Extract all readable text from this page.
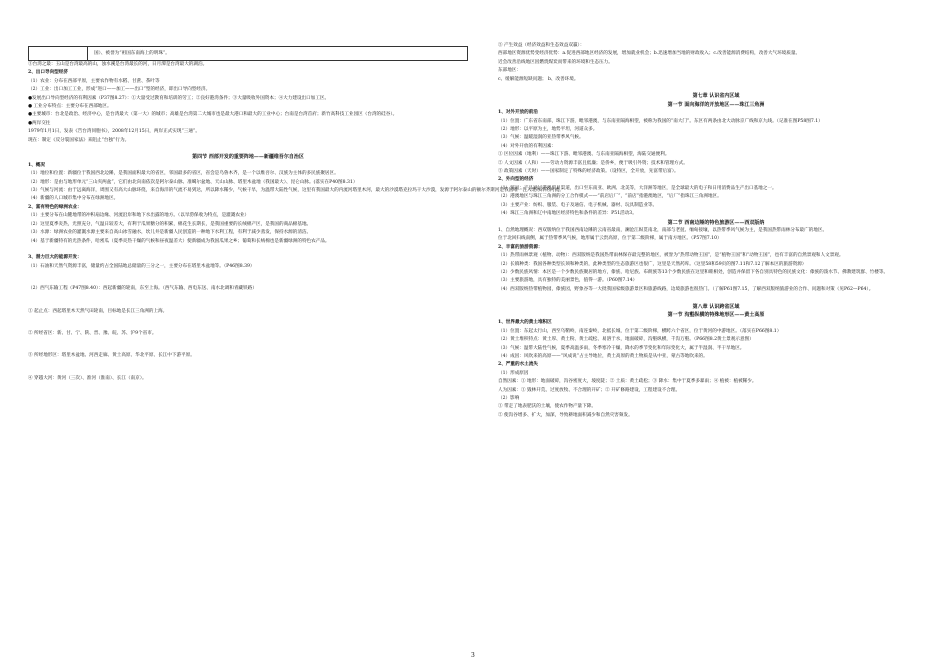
国）、被誉为“祖国东南海上的明珠”。

③台湾之最：玉山是台湾最高的山，浊水溪是台湾最长的河，日月潭是台湾最大的湖泊。

2、出口导向型经济

（1）农业：分布在西部平原，主要农作物有水稻、甘蔗、茶叶等

（2）工业：出口加工工业，形成“进口——加工——出口”型的经济，即出口导向型经济。

●发展出口导向型经济的有利因素（P37图8.27）：①大量受过教育和培训的劳工；②良好港湾条件；③大量吸收外国资本；④大力建设出口加工区。

● 工业分布特点：主要分布在西部地区。

●主要城市：台北是政治、经济中心，是台湾最大（第一大）的城市；高雄是台湾第二大城市也是最大港口和最大的工业中心；台南是台湾首府；新竹高科技工业园区（台湾的硅谷）。

●两岸交往

1979年1月1日，发表《告台湾同胞书》，2008年12月15日，两岸正式实现“三通”。

现在：制定《反分裂国家法》来阻止“台独”行为。

第四节 西部开发的重要阵地——新疆维吾尔自治区

1、概况

（1）地位和位置：新疆位于我国西北边陲，是我国面积最大的省区，邻国最多的省区，省会是乌鲁木齐，是一个以维吾尔、汉族为主体的多民族聚居区。

（2）地形：是由与地形单元“三山夹两盆”，它们由北向南依次是阿尔泰山脉、准噶尔盆地、天山山脉、塔里木盆地（我国最大）、昆仑山脉。(落实在P40图8.31）

（3）气候与河流：由于远离海洋，周围又有高大山脉环绕，来自海洋的气流不易到达，所以降水稀少，气候干旱，为温带大陆性气候，这里有我国最大的内流河塔里木河，最大的沙漠塔克拉玛干大沙漠，发源于阿尔泰山的额尔齐斯河是我国唯一注入北冰洋的河流。

（4）新疆的人口城市集中分布在绿洲地区。

2、富有特色的绿洲农业：

（1）主要分布在山麓地带的冲积扇边缘、河流沿岸和地下水出露的地方。（以旱涝保收为特点，是灌溉农业）

（2）这里夏季炎热，光照充分，气温日较差大，有利于瓜果糖分的积累，棉花生长期长，是我国重要的长绒棉产区，是我国的商品棉基地。

（3）水源：绿洲农业的灌溉水源主要来自高山冰雪融水，坎儿井是新疆人民创造的一种地下水利工程，有利于减少蒸发，保持水源的清洁。

（4）基于新疆特有的光热条件，哈密瓜（夏季炎热干燥的气候和昼夜温差大）使新疆成为我国瓜果之乡；葡萄和长绒棉也是新疆绿洲的特色农产品。

3、潜力巨大的能源开发：

（1）石油和天然气资源丰富，储量约占全国陆地总储量的三分之一，主要分布在塔里木盆地等。（P46图8.39）

（2）西气东输工程（P47图8.40）：西起新疆的轮南，东至上海。（西气东输、西电东送、南水北调和青藏铁路）

① 起止点：西起塔里木天然气田轮南，目标地是长江三角洲的上海。

② 所经省区：新、甘、宁、陕、晋、豫、皖、苏、沪9个省市。

③ 所经地形区：塔里木盆地、河西走廊、黄土高原、华北平原、长江中下游平原。

④ 穿越大河：黄河（三次）、淮河（淮南）、长江（南京）。

⑤ 产生效益（经济效益和生态效益双赢）：

西部地区资源优势变经济优势：a.促进西部地区经济的发展，增加就业机会；b.迅速增加当地的财政收入；c.改善能源消费结构，改善大气环境质量。

近会改善沿线地区因燃烧煤炭而带来的环境和生态压力。

东部地区：

c、缓解能源短缺问题； b、改善环境。

第七章 认识省内区域

第一节 面向海洋的开放地区——珠江三角洲

1、对外开放的前沿

（1）位置：广东省东南部，珠江下游，毗邻港澳，与东南亚隔海相望，被称为我国的“南大门”。东区有两条由北大动脉京广线和京九线。（记准在图P58图7.1）

（2）地形：以平原为主，地势平坦，河道众多。

（3）气候：温暖湿润的亚热带季风气候。

（4）对外开放的有利因素：

① 区位因素（地利）——珠江下游、毗邻港澳、与东南亚隔海相望，海陆交通便利。

② 人文因素（人和）——劳动力资源丰富且低廉；是侨乡，便于吸引外资；技术和管理方式。

③ 政策因素（天时）——国家制定了特殊的经济政策。（设特区，全开放，先富带后富）。

2、外向型的经济

（1）贸易：产品通过港澳贸易渠道，出口至东南亚、欧洲、北美等，大洋洲等地区，是全球最大的电子和日用消费品生产出口基地之一。

（2）港澳地区与珠江三角洲的分工合作模式——“前店后厂”，“前店”指港澳地区，“后厂”指珠江三角洲地区。

（3）主要产业：纺织、服装、电子及通信、电子机械、器材、玩具制造业等。

（4）珠江三角洲和辽中南地区经济特色和条件的差异：P51活动3。

第二节 西南边陲的特色旅游区——西双版纳

1、自然地理概况：西双版纳位于我国西南边陲的云南省最南，澜沧江纵贯南北，南部与老挝、缅甸接壤，以热带季风气候为主，是我国热带雨林分布最广的地区。

位于北回归线南侧，属于热带季风气候，地形属于云贵高原，位于第二级阶梯，属于南方地区。（P57图7.10）

2、丰富的旅游资源：

（1）热带雨林景观（植物、动物）：西双版纳是我国热带雨林保存最完整的地区，被誉为“热带动物王国”，是“植物王国”和“动物王国”，也有丰富的自然景观和人文景观。

（2）长镇种类：我国各种类型长颈和种类的，此种类型的生态旅游区也很广，这里是天然药库。（这里58和59页的图7.11和7.12了解本区的旅游资源）

（2）少数民族风情：本区是一个少数民族聚居的地方，傣族、哈尼族、布朗族等13个少数民族在这里和睦相处，创造并保留下各自别具特色的民族文化：傣族的泼水节、佛教建筑群、竹楼等。

（3）主要旅游地，具有独特的美丽景色，值得一游。（P60图7.14）

（4）西双版纳热带植物园，傣族园，野象谷等一大批我国家级旅游景区和旅游线路，边境旅游也很热门。（了解P61图7.15，了解西双版纳旅游业的合作、问题和对策（见P62—P64）。

第八章 认识跨省区域

第一节 沟壑纵横的特殊地形区——黄土高原

1、世界最大的黄土堆积区

（1）位置：东起太行山，西至乌鞘岭，南连秦岭，北抵长城，位于第二级阶梯，横跨六个省区，位于黄河的中游地区。（落实在P66图8.1）

（2）黄土堆积特点：黄土厚、黄土粉、黄土疏松、易溶于水，地面破碎，沟壑纵横，千沟万壑。（P66图8.2黄土景观示意图）

（3）气候：温带大陆性气候，夏季高温多雨，冬季寒冷干燥，降水的季节变化和年际变化大，属于半湿润、半干旱地区。

（4）成因：风吹来的高原——“风成说”占主导地位，黄土高原的黄土物质是从中亚，蒙古等地吹来的。

2、严重的水土流失

（1）形成原因

自然因素：① 地形：地面破碎，沟谷密度大，坡度陡；② 土质：黄土疏松；③ 降水：集中于夏季多暴雨；④ 植被：植被稀少。

人为因素：① 毁林开荒、过度放牧、不合理的开矿；② 开矿修路建设，工程建设不合理。

（2）影响

① 带走了地表肥沃的土壤，使农作物产量下降。

② 使沟谷增多、扩大，加深，导致耕地面积减少和自然灾害频发。

3
